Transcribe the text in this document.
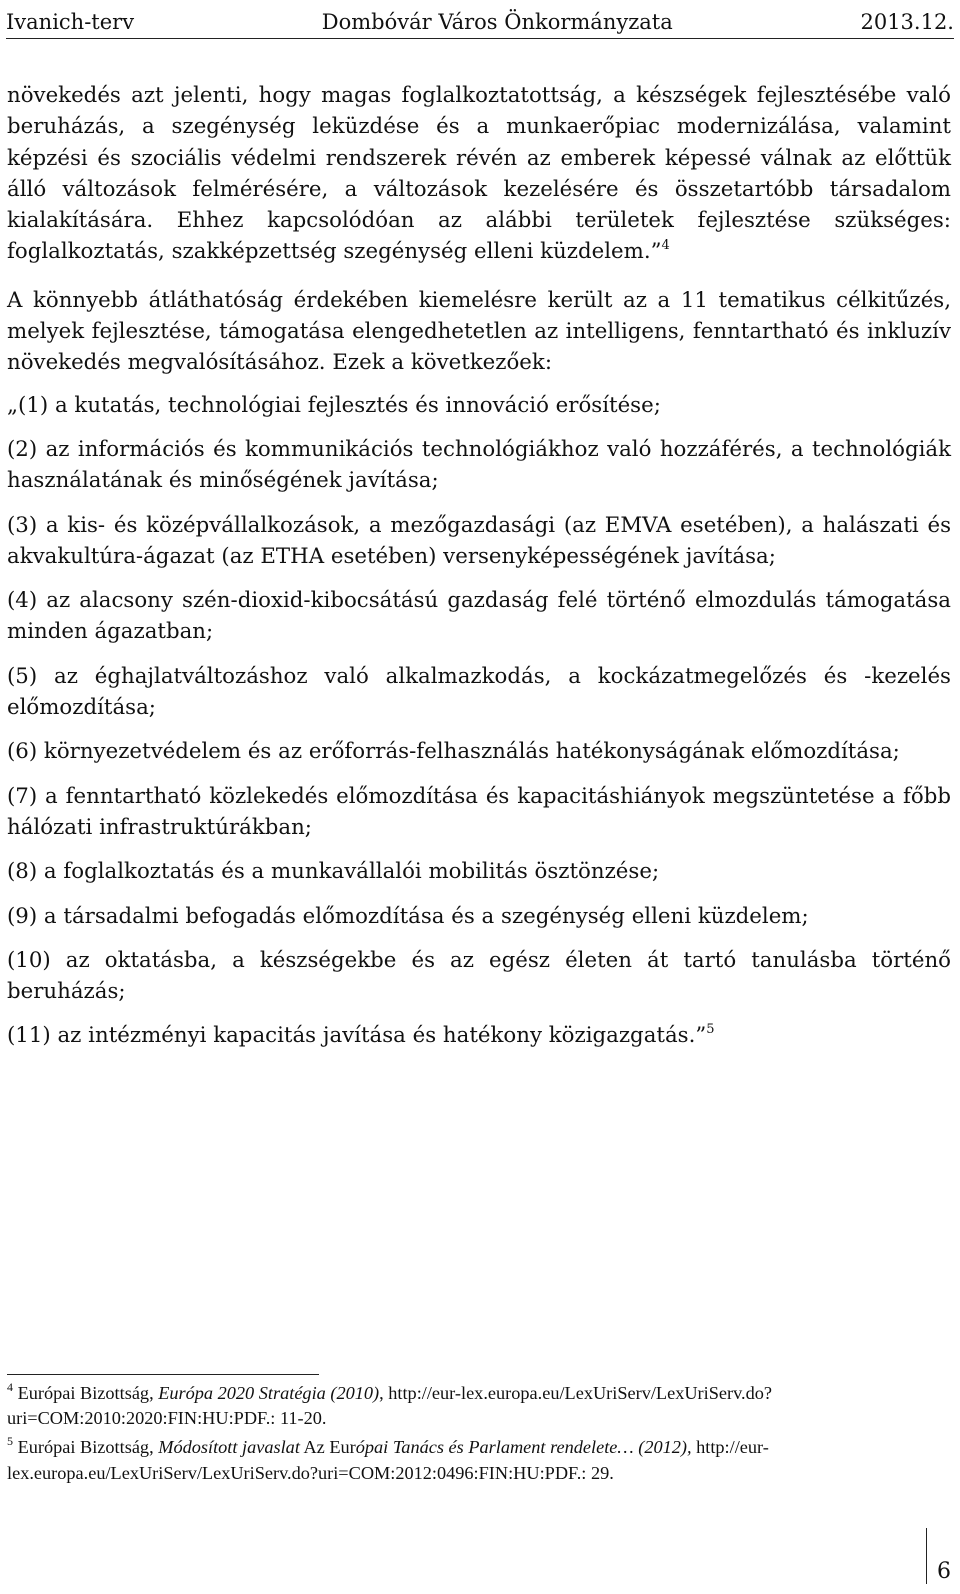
Ivanich-terv	Dombóvár Város Önkormányzata	2013.12.

növekedés azt jelenti, hogy magas foglalkoztatottság, a készségek fejlesztésébe való beruházás, a szegénység leküzdése és a munkaerőpiac modernizálása, valamint képzési és szociális védelmi rendszerek révén az emberek képessé válnak az előttük álló változások felmérésére, a változások kezelésére és összetartóbb társadalom kialakítására. Ehhez kapcsolódóan az alábbi területek fejlesztése szükséges: foglalkoztatás, szakképzettség szegénység elleni küzdelem.”$^4$

A könnyebb átláthatóság érdekében kiemelésre került az a 11 tematikus célkitűzés, melyek fejlesztése, támogatása elengedhetetlen az intelligens, fenntartható és inkluzív növekedés megvalósításához. Ezek a következőek:

„(1) a kutatás, technológiai fejlesztés és innováció erősítése;

(2) az információs és kommunikációs technológiákhoz való hozzáférés, a technológiák használatának és minőségének javítása;

(3) a kis- és középvállalkozások, a mezőgazdasági (az EMVA esetében), a halászati és akvakultúra-ágazat (az ETHA esetében) versenyképességének javítása;

(4) az alacsony szén-dioxid-kibocsátású gazdaság felé történő elmozdulás támogatása minden ágazatban;

(5) az éghajlatváltozáshoz való alkalmazkodás, a kockázatmegelőzés és -kezelés előmozdítása;

(6) környezetvédelem és az erőforrás-felhasználás hatékonyságának előmozdítása;

(7) a fenntartható közlekedés előmozdítása és kapacitáshiányok megszüntetése a főbb hálózati infrastruktúrákban;

(8) a foglalkoztatás és a munkavállalói mobilitás ösztönzése;

(9) a társadalmi befogadás előmozdítása és a szegénység elleni küzdelem;

(10) az oktatásba, a készségekbe és az egész életen át tartó tanulásba történő beruházás;

(11) az intézményi kapacitás javítása és hatékony közigazgatás.”$^5$

$^4$ Európai Bizottság, Európa 2020 Stratégia (2010), http://eur-lex.europa.eu/LexUriServ/LexUriServ.do?uri=COM:2010:2020:FIN:HU:PDF.: 11-20.

$^5$ Európai Bizottság, Módosított javaslat Az Európai Tanács és Parlament rendelete… (2012), http://eur-lex.europa.eu/LexUriServ/LexUriServ.do?uri=COM:2012:0496:FIN:HU:PDF.: 29.

6
